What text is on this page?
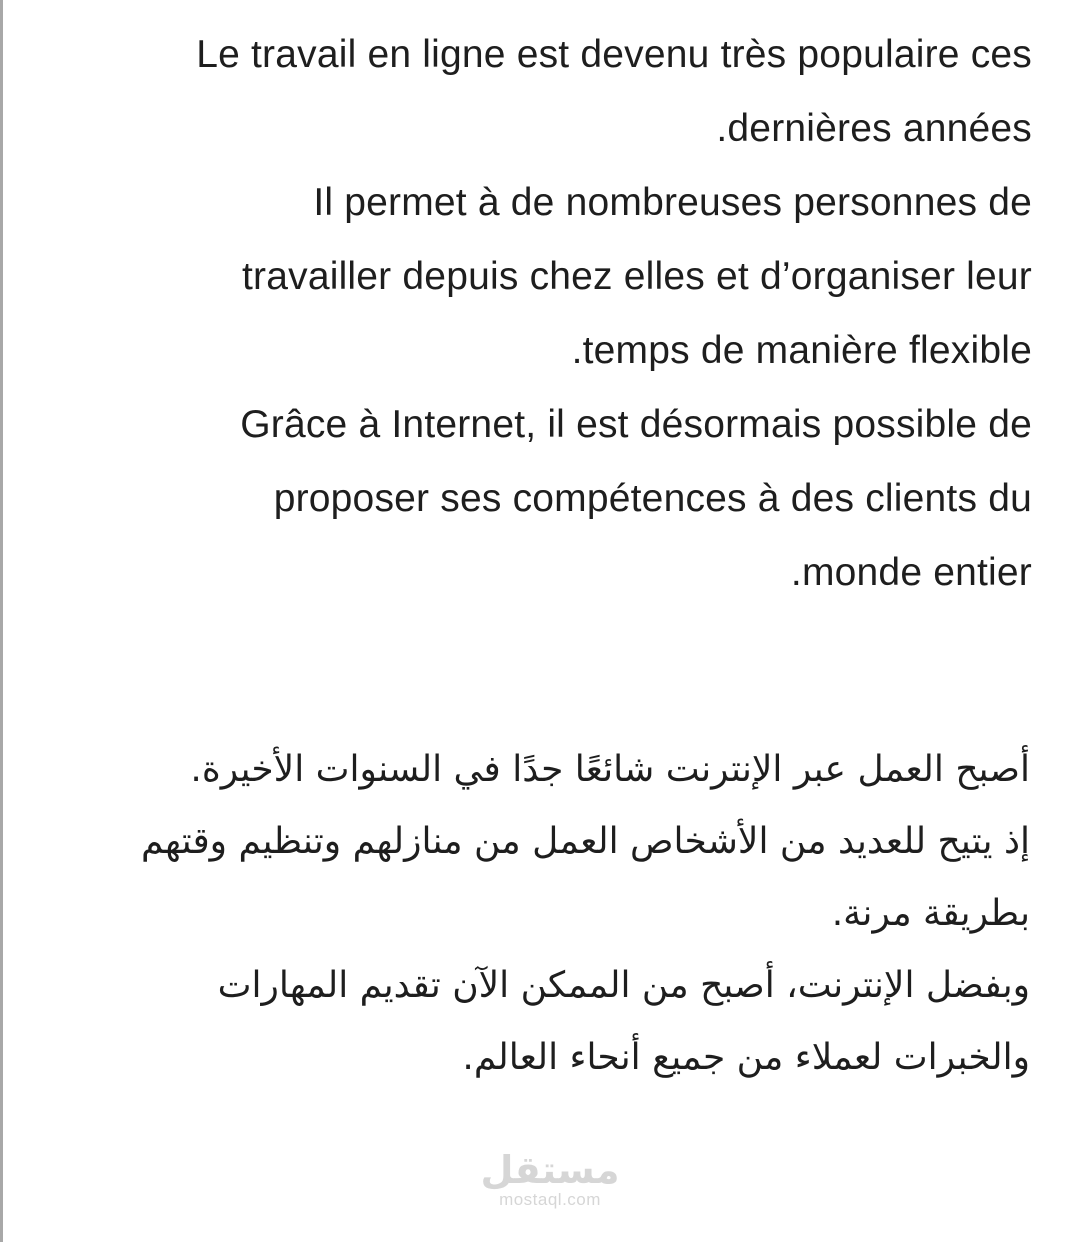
Le travail en ligne est devenu très populaire ces
.dernières années
Il permet à de nombreuses personnes de
travailler depuis chez elles et d’organiser leur
.temps de manière flexible
Grâce à Internet, il est désormais possible de
proposer ses compétences à des clients du
.monde entier
أصبح العمل عبر الإنترنت شائعًا جدًا في السنوات الأخيرة.
إذ يتيح للعديد من الأشخاص العمل من منازلهم وتنظيم وقتهم
بطريقة مرنة.
وبفضل الإنترنت، أصبح من الممكن الآن تقديم المهارات
والخبرات لعملاء من جميع أنحاء العالم.
مستقل
mostaql.com
